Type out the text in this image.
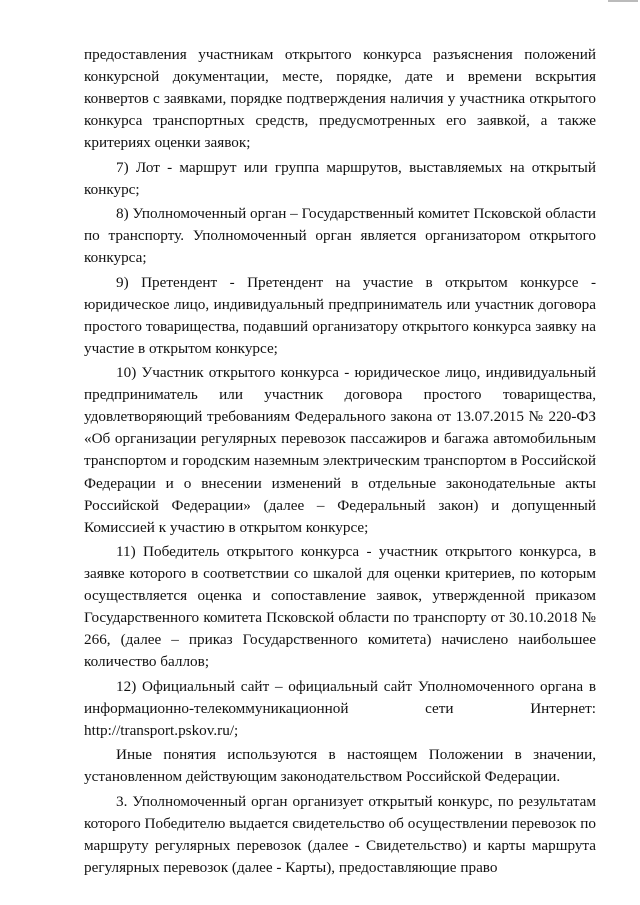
предоставления участникам открытого конкурса разъяснения положений конкурсной документации, месте, порядке, дате и времени вскрытия конвертов с заявками, порядке подтверждения наличия у участника открытого конкурса транспортных средств, предусмотренных его заявкой, а также критериях оценки заявок;

7) Лот - маршрут или группа маршрутов, выставляемых на открытый конкурс;

8) Уполномоченный орган – Государственный комитет Псковской области по транспорту. Уполномоченный орган является организатором открытого конкурса;

9) Претендент - Претендент на участие в открытом конкурсе - юридическое лицо, индивидуальный предприниматель или участник договора простого товарищества, подавший организатору открытого конкурса заявку на участие в открытом конкурсе;

10) Участник открытого конкурса - юридическое лицо, индивидуальный предприниматель или участник договора простого товарищества, удовлетворяющий требованиям Федерального закона от 13.07.2015 № 220-ФЗ «Об организации регулярных перевозок пассажиров и багажа автомобильным транспортом и городским наземным электрическим транспортом в Российской Федерации и о внесении изменений в отдельные законодательные акты Российской Федерации» (далее – Федеральный закон) и допущенный Комиссией к участию в открытом конкурсе;

11) Победитель открытого конкурса - участник открытого конкурса, в заявке которого в соответствии со шкалой для оценки критериев, по которым осуществляется оценка и сопоставление заявок, утвержденной приказом Государственного комитета Псковской области по транспорту от 30.10.2018 № 266, (далее – приказ Государственного комитета) начислено наибольшее количество баллов;

12) Официальный сайт – официальный сайт Уполномоченного органа в информационно-телекоммуникационной сети Интернет: http://transport.pskov.ru/;

Иные понятия используются в настоящем Положении в значении, установленном действующим законодательством Российской Федерации.

3. Уполномоченный орган организует открытый конкурс, по результатам которого Победителю выдается свидетельство об осуществлении перевозок по маршруту регулярных перевозок (далее - Свидетельство) и карты маршрута регулярных перевозок (далее - Карты), предоставляющие право
